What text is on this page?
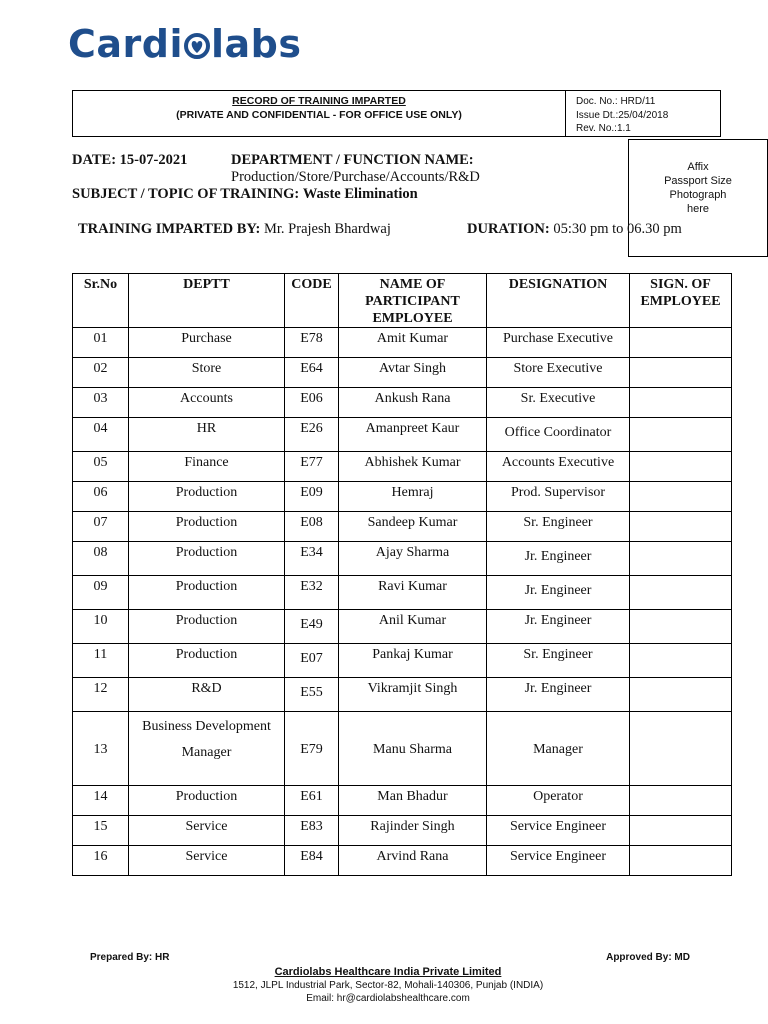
Cardi labs
RECORD OF TRAINING IMPARTED
(PRIVATE AND CONFIDENTIAL - FOR OFFICE USE ONLY)
Doc. No.: HRD/11
Issue Dt.:25/04/2018
Rev. No.:1.1
Affix
Passport Size
Photograph
here
DATE: 15-07-2021	DEPARTMENT / FUNCTION NAME:
Production/Store/Purchase/Accounts/R&D
SUBJECT / TOPIC OF TRAINING: Waste Elimination
TRAINING IMPARTED BY: Mr. Prajesh Bhardwaj	DURATION: 05:30 pm to 06.30 pm
Sr.No	DEPTT	CODE	NAME OF PARTICIPANT EMPLOYEE	DESIGNATION	SIGN. OF EMPLOYEE
01	Purchase	E78	Amit Kumar	Purchase Executive	
02	Store	E64	Avtar Singh	Store Executive	
03	Accounts	E06	Ankush Rana	Sr. Executive	
04	HR	E26	Amanpreet Kaur	Office Coordinator	
05	Finance	E77	Abhishek Kumar	Accounts Executive	
06	Production	E09	Hemraj	Prod. Supervisor	
07	Production	E08	Sandeep Kumar	Sr. Engineer	
08	Production	E34	Ajay Sharma	Jr. Engineer	
09	Production	E32	Ravi Kumar	Jr. Engineer	
10	Production	E49	Anil Kumar	Jr. Engineer	
11	Production	E07	Pankaj Kumar	Sr. Engineer	
12	R&D	E55	Vikramjit Singh	Jr. Engineer	
13	Business Development Manager	E79	Manu Sharma	Manager	
14	Production	E61	Man Bhadur	Operator	
15	Service	E83	Rajinder Singh	Service Engineer	
16	Service	E84	Arvind Rana	Service Engineer	
Prepared By: HR	Approved By: MD
Cardiolabs Healthcare India Private Limited
1512, JLPL Industrial Park, Sector-82, Mohali-140306, Punjab (INDIA)
Email: hr@cardiolabshealthcare.com
